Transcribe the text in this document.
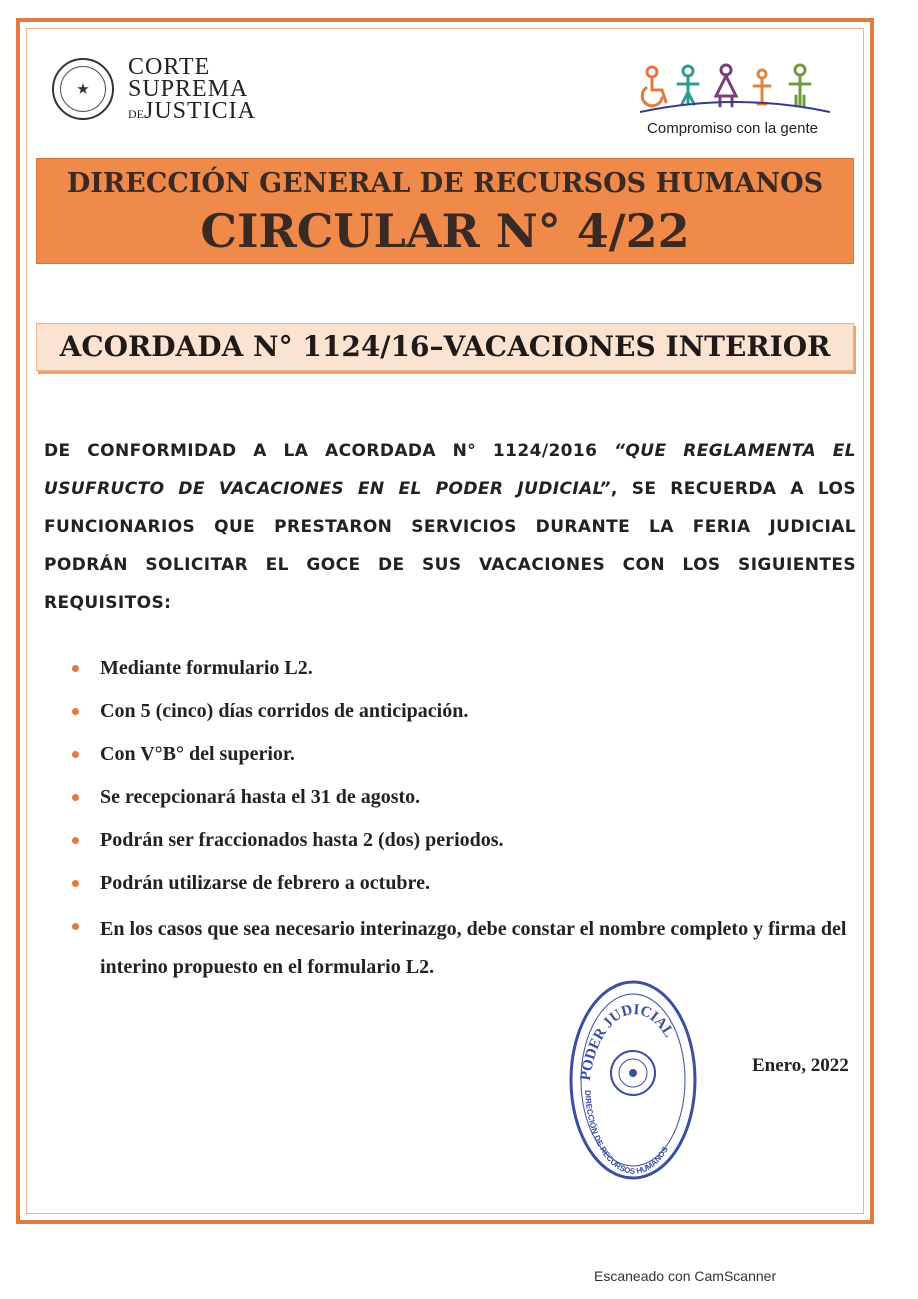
CORTE
SUPREMA
DEJUSTICIA
Compromiso con la gente
DIRECCIÓN GENERAL DE RECURSOS HUMANOS
CIRCULAR N° 4/22
ACORDADA N° 1124/16–VACACIONES INTERIOR
DE CONFORMIDAD A LA ACORDADA N° 1124/2016 “QUE REGLAMENTA EL USUFRUCTO DE VACACIONES EN EL PODER JUDICIAL”, SE RECUERDA A LOS FUNCIONARIOS QUE PRESTARON SERVICIOS DURANTE LA FERIA JUDICIAL PODRÁN SOLICITAR EL GOCE DE SUS VACACIONES CON LOS SIGUIENTES REQUISITOS:
Mediante formulario L2.
Con 5 (cinco) días corridos de anticipación.
Con V°B° del superior.
Se recepcionará hasta el 31 de agosto.
Podrán ser fraccionados hasta 2 (dos) periodos.
Podrán utilizarse de febrero a octubre.
En los casos que sea necesario interinazgo, debe constar el nombre completo y firma del interino propuesto en el formulario L2.
PODER JUDICIAL
DIRECCIÓN DE RECURSOS HUMANOS
Enero, 2022
Escaneado con CamScanner
